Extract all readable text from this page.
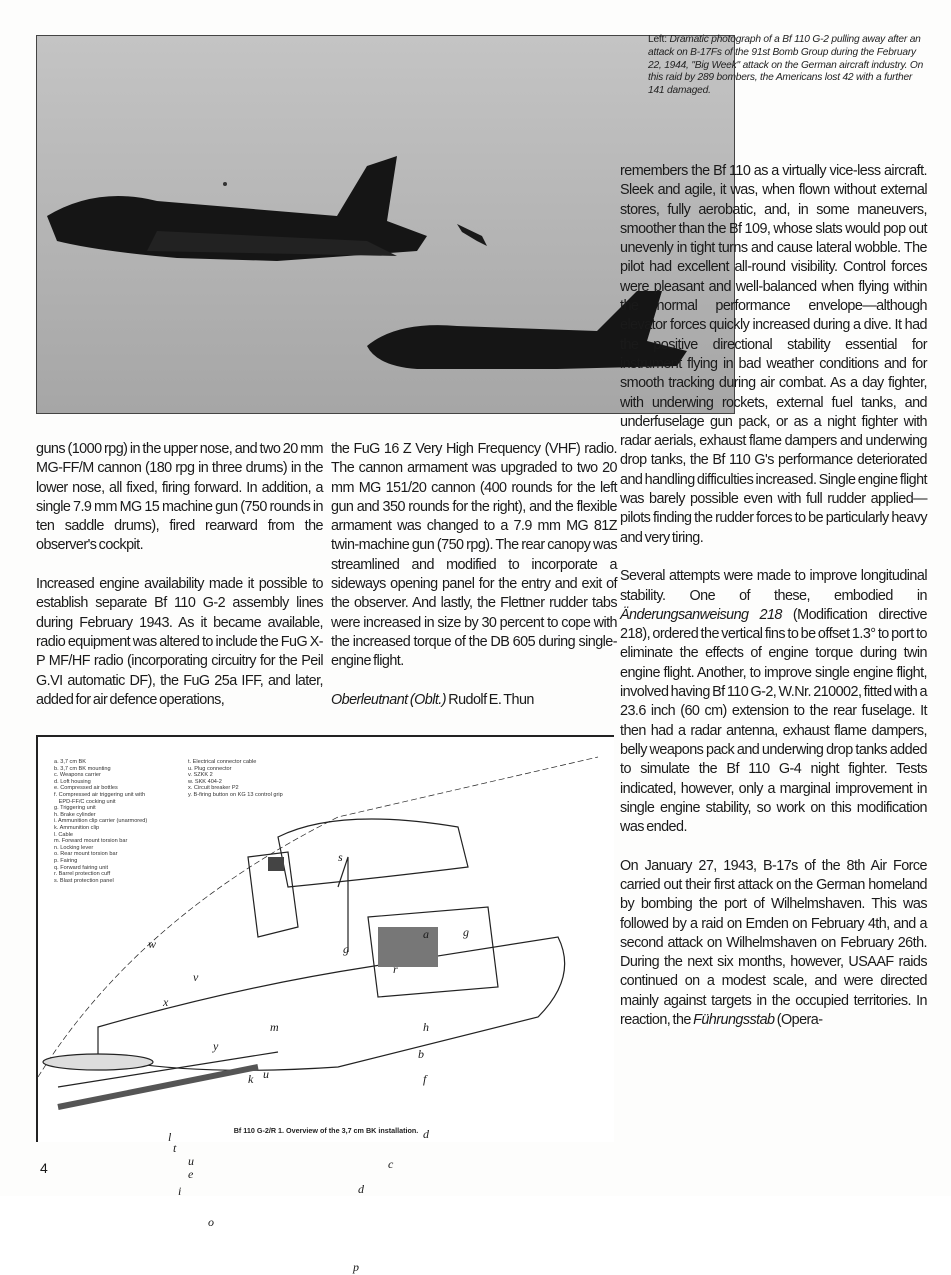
Left: Dramatic photograph of a Bf 110 G-2 pulling away after an attack on B-17Fs of the 91st Bomb Group during the February 22, 1944, "Big Week" attack on the German aircraft industry. On this raid by 289 bombers, the Americans lost 42 with a further 141 damaged.

guns (1000 rpg) in the upper nose, and two 20 mm MG-FF/M cannon (180 rpg in three drums) in the lower nose, all fixed, firing forward. In addition, a single 7.9 mm MG 15 machine gun (750 rounds in ten saddle drums), fired rearward from the observer's cockpit.

Increased engine availability made it possible to establish separate Bf 110 G-2 assembly lines during February 1943. As it became available, radio equipment was altered to include the FuG X-P MF/HF radio (incorporating circuitry for the Peil G.VI automatic DF), the FuG 25a IFF, and later, added for air defence operations,

the FuG 16 Z Very High Frequency (VHF) radio. The cannon armament was upgraded to two 20 mm MG 151/20 cannon (400 rounds for the left gun and 350 rounds for the right), and the flexible armament was changed to a 7.9 mm MG 81Z twin-machine gun (750 rpg). The rear canopy was streamlined and modified to incorporate a sideways opening panel for the entry and exit of the observer. And lastly, the Flettner rudder tabs were increased in size by 30 percent to cope with the increased torque of the DB 605 during single-engine flight.

Oberleutnant (Oblt.) Rudolf E. Thun

remembers the Bf 110 as a virtually vice-less aircraft. Sleek and agile, it was, when flown without external stores, fully aerobatic, and, in some maneuvers, smoother than the Bf 109, whose slats would pop out unevenly in tight turns and cause lateral wobble. The pilot had excellent all-round visibility. Control forces were pleasant and well-balanced when flying within the normal performance envelope—although elevator forces quickly increased during a dive. It had the positive directional stability essential for instrument flying in bad weather conditions and for smooth tracking during air combat. As a day fighter, with underwing rockets, external fuel tanks, and underfuselage gun pack, or as a night fighter with radar aerials, exhaust flame dampers and underwing drop tanks, the Bf 110 G's performance deteriorated and handling difficulties increased. Single engine flight was barely possible even with full rudder applied—pilots finding the rudder forces to be particularly heavy and very tiring.

Several attempts were made to improve longitudinal stability. One of these, embodied in Änderungsanweisung 218 (Modification directive 218), ordered the vertical fins to be offset 1.3° to port to eliminate the effects of engine torque during twin engine flight. Another, to improve single engine flight, involved having Bf 110 G-2, W.Nr. 210002, fitted with a 23.6 inch (60 cm) extension to the rear fuselage. It then had a radar antenna, exhaust flame dampers, belly weapons pack and underwing drop tanks added to simulate the Bf 110 G-4 night fighter. Tests indicated, however, only a marginal improvement in single engine stability, so work on this modification was ended.

On January 27, 1943, B-17s of the 8th Air Force carried out their first attack on the German homeland by bombing the port of Wilhelmshaven. This was followed by a raid on Emden on February 4th, and a second attack on Wilhelmshaven on February 26th. During the next six months, however, USAAF raids continued on a modest scale, and were directed mainly against targets in the occupied territories. In reaction, the Führungsstab (Opera-

a. 3,7 cm BK
b. 3,7 cm BK mounting
c. Weapons carrier
d. Loft housing
e. Compressed air bottles
f. Compressed air triggering unit with
EPD-FF/C cocking unit
g. Triggering unit
h. Brake cylinder
i. Ammunition clip carrier (unarmored)
k. Ammunition clip
l. Cable
m. Forward mount torsion bar
n. Locking lever
o. Rear mount torsion bar
p. Fairing
q. Forward fairing unit
r. Barrel protection cuff
s. Blast protection panel
t. Electrical connector cable
u. Plug connector
v. SZKK 2
w. SKK 404-2
x. Circuit breaker P2
y. B-firing button on KG 13 control grip
Bf 110 G-2/R 1. Overview of the 3,7 cm BK installation.
a
b
c
d
d
e
f
g
g
h
i
k
l
m
o
p
r
s
t
u
u
v
w
x
y
4
